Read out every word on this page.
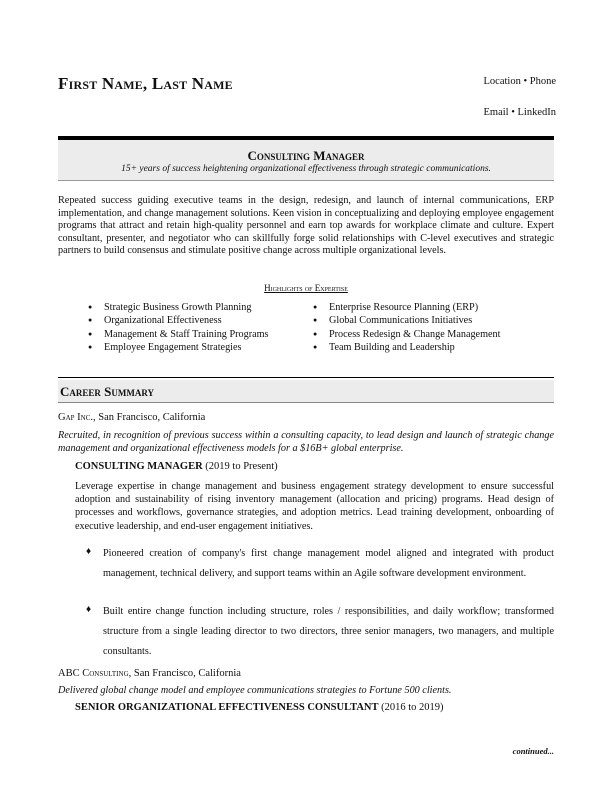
First Name, Last Name	Location • Phone
Email • LinkedIn
Consulting Manager
15+ years of success heightening organizational effectiveness through strategic communications.
Repeated success guiding executive teams in the design, redesign, and launch of internal communications, ERP implementation, and change management solutions. Keen vision in conceptualizing and deploying employee engagement programs that attract and retain high-quality personnel and earn top awards for workplace climate and culture. Expert consultant, presenter, and negotiator who can skillfully forge solid relationships with C-level executives and strategic partners to build consensus and stimulate positive change across multiple organizational levels.
Highlights of Expertise
● Strategic Business Growth Planning
● Organizational Effectiveness
● Management & Staff Training Programs
● Employee Engagement Strategies
● Enterprise Resource Planning (ERP)
● Global Communications Initiatives
● Process Redesign & Change Management
● Team Building and Leadership
Career Summary
Gap Inc., San Francisco, California
Recruited, in recognition of previous success within a consulting capacity, to lead design and launch of strategic change management and organizational effectiveness models for a $16B+ global enterprise.
CONSULTING MANAGER (2019 to Present)
Leverage expertise in change management and business engagement strategy development to ensure successful adoption and sustainability of rising inventory management (allocation and pricing) programs. Head design of processes and workflows, governance strategies, and adoption metrics. Lead training development, onboarding of executive leadership, and end-user engagement initiatives.
♦ Pioneered creation of company's first change management model aligned and integrated with product management, technical delivery, and support teams within an Agile software development environment.
♦ Built entire change function including structure, roles / responsibilities, and daily workflow; transformed structure from a single leading director to two directors, three senior managers, two managers, and multiple consultants.
ABC Consulting, San Francisco, California
Delivered global change model and employee communications strategies to Fortune 500 clients.
SENIOR ORGANIZATIONAL EFFECTIVENESS CONSULTANT (2016 to 2019)
continued...
